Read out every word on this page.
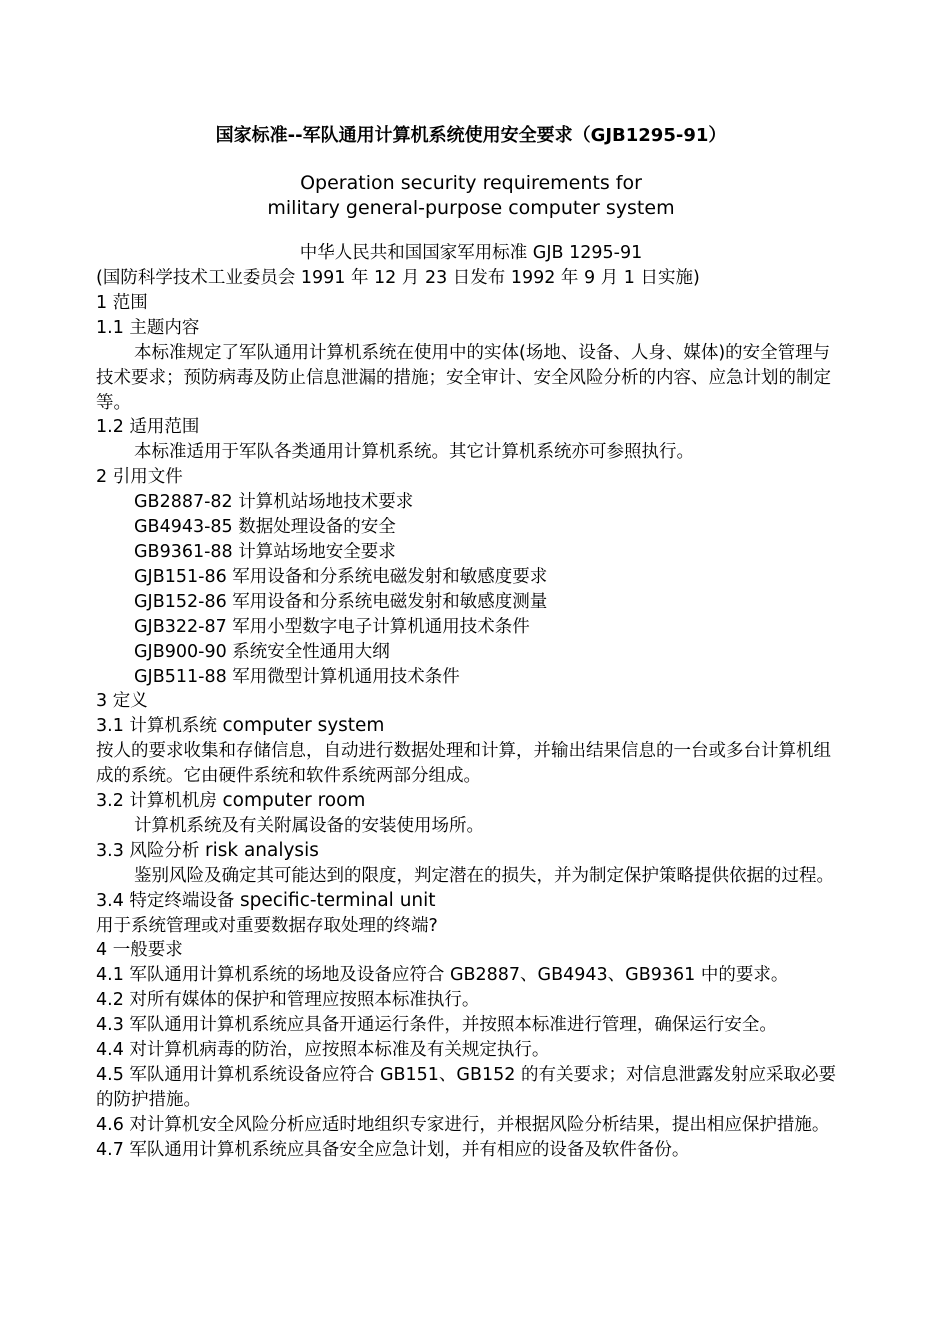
国家标准--军队通用计算机系统使用安全要求（GJB1295-91）
Operation security requirements for
military general-purpose computer system
中华人民共和国国家军用标准 GJB 1295-91

(国防科学技术工业委员会 1991 年 12 月 23 日发布 1992 年 9 月 1 日实施)

1 范围

1.1 主题内容

本标准规定了军队通用计算机系统在使用中的实体(场地、设备、人身、媒体)的安全管理与技术要求；预防病毒及防止信息泄漏的措施；安全审计、安全风险分析的内容、应急计划的制定等。

1.2 适用范围

本标准适用于军队各类通用计算机系统。其它计算机系统亦可参照执行。

2 引用文件

GB2887-82 计算机站场地技术要求

GB4943-85 数据处理设备的安全

GB9361-88 计算站场地安全要求

GJB151-86 军用设备和分系统电磁发射和敏感度要求

GJB152-86 军用设备和分系统电磁发射和敏感度测量

GJB322-87 军用小型数字电子计算机通用技术条件

GJB900-90 系统安全性通用大纲

GJB511-88 军用微型计算机通用技术条件

3 定义

3.1 计算机系统 computer system

按人的要求收集和存储信息，自动进行数据处理和计算，并输出结果信息的一台或多台计算机组成的系统。它由硬件系统和软件系统两部分组成。

3.2 计算机机房 computer room

计算机系统及有关附属设备的安装使用场所。

3.3 风险分析 risk analysis

鉴别风险及确定其可能达到的限度，判定潜在的损失，并为制定保护策略提供依据的过程。

3.4 特定终端设备 specific-terminal unit

用于系统管理或对重要数据存取处理的终端?

4 一般要求

4.1 军队通用计算机系统的场地及设备应符合 GB2887、GB4943、GB9361 中的要求。

4.2 对所有媒体的保护和管理应按照本标准执行。

4.3 军队通用计算机系统应具备开通运行条件，并按照本标准进行管理，确保运行安全。

4.4 对计算机病毒的防治，应按照本标准及有关规定执行。

4.5 军队通用计算机系统设备应符合 GB151、GB152 的有关要求；对信息泄露发射应采取必要的防护措施。

4.6 对计算机安全风险分析应适时地组织专家进行，并根据风险分析结果，提出相应保护措施。

4.7 军队通用计算机系统应具备安全应急计划，并有相应的设备及软件备份。
